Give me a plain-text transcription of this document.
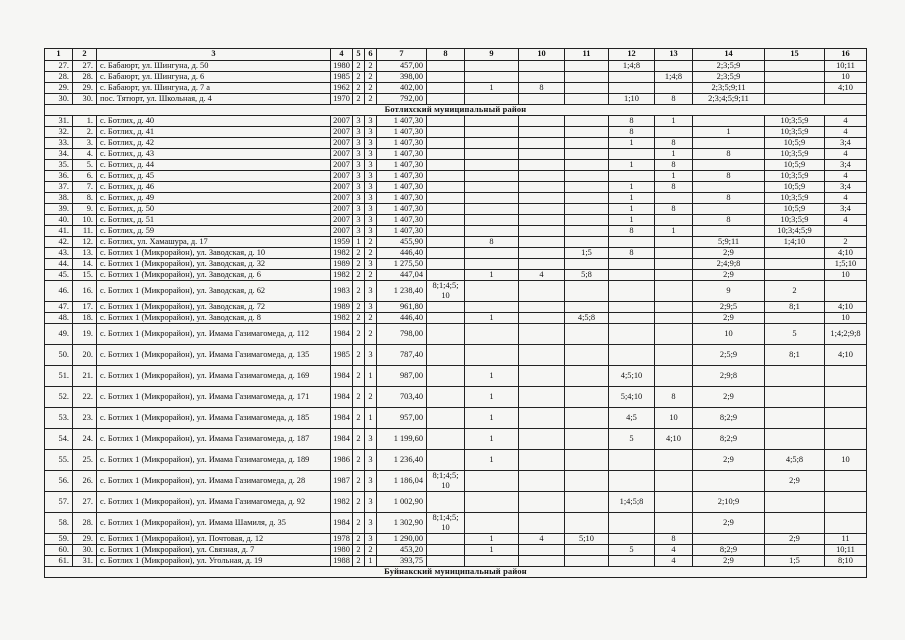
1	2	3	4	5	6	7	8	9	10	11	12	13	14	15	16
27.	27.	с. Бабаюрт, ул. Шингуна, д. 50	1980	2	2	457,00					1;4;8		2;3;5;9		10;11
28.	28.	с. Бабаюрт, ул. Шингуна, д. 6	1985	2	2	398,00						1;4;8	2;3;5;9		10
29.	29.	с. Бабаюрт, ул. Шингуна, д. 7 а	1962	2	2	402,00		1	8				2;3;5;9;11		4;10
30.	30.	пос. Тятюрт, ул. Школьная, д. 4	1970	2	2	792,00					1;10	8	2;3;4;5;9;11		
Ботлихский муниципальный район															
31.	1.	с. Ботлих, д. 40	2007	3	3	1 407,30					8	1		10;3;5;9	4
32.	2.	с. Ботлих, д. 41	2007	3	3	1 407,30					8		1	10;3;5;9	4
33.	3.	с. Ботлих, д. 42	2007	3	3	1 407,30					1	8		10;5;9	3;4
34.	4.	с. Ботлих, д. 43	2007	3	3	1 407,30						1	8	10;3;5;9	4
35.	5.	с. Ботлих, д. 44	2007	3	3	1 407,30					1	8		10;5;9	3;4
36.	6.	с. Ботлих, д. 45	2007	3	3	1 407,30						1	8	10;3;5;9	4
37.	7.	с. Ботлих, д. 46	2007	3	3	1 407,30					1	8		10;5;9	3;4
38.	8.	с. Ботлих, д. 49	2007	3	3	1 407,30					1		8	10;3;5;9	4
39.	9.	с. Ботлих, д. 50	2007	3	3	1 407,30					1	8		10;5;9	3;4
40.	10.	с. Ботлих, д. 51	2007	3	3	1 407,30					1		8	10;3;5;9	4
41.	11.	с. Ботлих, д. 59	2007	3	3	1 407,30					8	1		10;3;4;5;9	
42.	12.	с. Ботлих, ул. Хамашура, д. 17	1959	1	2	455,90		8					5;9;11	1;4;10	2
43.	13.	с. Ботлих 1 (Микрорайон), ул. Заводская, д. 10	1982	2	2	446,40				1;5	8		2;9		4;10
44.	14.	с. Ботлих 1 (Микрорайон), ул. Заводская, д. 32	1989	2	3	1 275,50							2;4;9;8		1;5;10
45.	15.	с. Ботлих 1 (Микрорайон), ул. Заводская, д. 6	1982	2	2	447,04		1	4	5;8			2;9		10
46.	16.	с. Ботлих 1 (Микрорайон), ул. Заводская, д. 62	1983	2	3	1 238,40	8;1;4;5; 10						9	2	
47.	17.	с. Ботлих 1 (Микрорайон), ул. Заводская, д. 72	1989	2	3	961,80							2;9;5	8;1	4;10
48.	18.	с. Ботлих 1 (Микрорайон), ул. Заводская, д. 8	1982	2	2	446,40		1		4;5;8			2;9		10
49.	19.	с. Ботлих 1 (Микрорайон), ул. Имама Газимагомеда, д. 112	1984	2	2	798,00							10	5	1;4;2;9;8
50.	20.	с. Ботлих 1 (Микрорайон), ул. Имама Газимагомеда, д. 135	1985	2	3	787,40							2;5;9	8;1	4;10
51.	21.	с. Ботлих 1 (Микрорайон), ул. Имама Газимагомеда, д. 169	1984	2	1	987,00		1			4;5;10		2;9;8		
52.	22.	с. Ботлих 1 (Микрорайон), ул. Имама Газимагомеда, д. 171	1984	2	2	703,40		1			5;4;10	8	2;9		
53.	23.	с. Ботлих 1 (Микрорайон), ул. Имама Газимагомеда, д. 185	1984	2	1	957,00		1			4;5	10	8;2;9		
54.	24.	с. Ботлих 1 (Микрорайон), ул. Имама Газимагомеда, д. 187	1984	2	3	1 199,60		1			5	4;10	8;2;9		
55.	25.	с. Ботлих 1 (Микрорайон), ул. Имама Газимагомеда, д. 189	1986	2	3	1 236,40		1					2;9	4;5;8	10
56.	26.	с. Ботлих 1 (Микрорайон), ул. Имама Газимагомеда, д. 28	1987	2	3	1 186,04	8;1;4;5; 10							2;9	
57.	27.	с. Ботлих 1 (Микрорайон), ул. Имама Газимагомеда, д. 92	1982	2	3	1 002,90					1;4;5;8		2;10;9		
58.	28.	с. Ботлих 1 (Микрорайон), ул. Имама Шамиля, д. 35	1984	2	3	1 302,90	8;1;4;5; 10						2;9		
59.	29.	с. Ботлих 1 (Микрорайон), ул. Почтовая, д. 12	1978	2	3	1 290,00		1	4	5;10		8		2;9	11
60.	30.	с. Ботлих 1 (Микрорайон), ул. Связная, д. 7	1980	2	2	453,20		1			5	4	8;2;9		10;11
61.	31.	с. Ботлих 1 (Микрорайон), ул. Угольная, д. 19	1988	2	1	393,75						4	2;9	1;5	8;10
Буйнакский муниципальный район															
